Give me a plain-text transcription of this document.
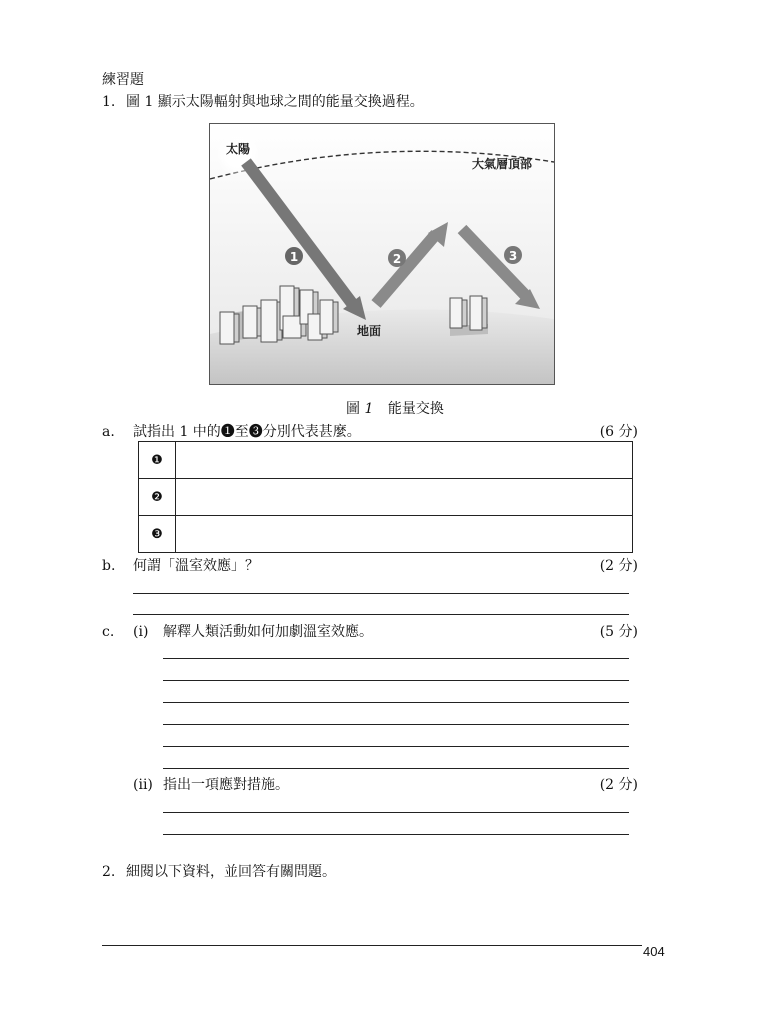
練習題
1. 圖 1 顯示太陽輻射與地球之間的能量交換過程。
1	2	3
太陽
大氣層頂部
地面
圖 1 能量交換
a. 試指出 1 中的❶至❸分別代表甚麼。	(6 分)
❶	
❷	
❸	
b. 何謂「溫室效應」？	(2 分)
c. (i) 解釋人類活動如何加劇溫室效應。	(5 分)
(ii) 指出一項應對措施。	(2 分)
2. 細閱以下資料，並回答有關問題。
404
